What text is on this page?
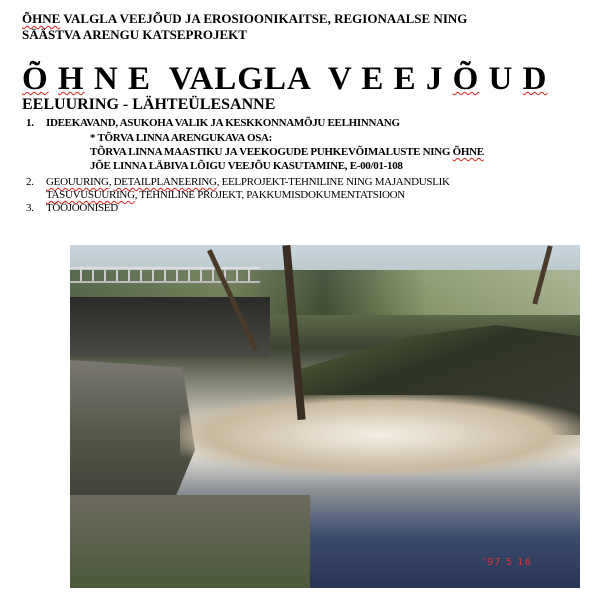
ÕHNE VALGLA VEEJÕUD JA EROSIOONIKAITSE, REGIONAALSE NING
SÄÄSTVA ARENGU KATSEPROJEKT
Õ H N E  VALGLA  V E E J Õ U D
EELUURING - LÄHTEÜLESANNE
1. IDEEKAVAND, ASUKOHA VALIK JA KESKKONNAMÕJU EELHINNANG
* TÕRVA LINNA ARENGUKAVA OSA:
TÕRVA LINNA MAASTIKU JA VEEKOGUDE PUHKEVÕIMALUSTE NING ÕHNE
JÕE LINNA LÄBIVA LÕIGU VEEJÕU KASUTAMINE, E-00/01-108
2. GEOUURING, DETAILPLANEERING, EELPROJEKT-TEHNILINE NING MAJANDUSLIK
TASUVUSUURING, TEHNILINE PROJEKT, PAKKUMISDOKUMENTATSIOON
3. TÖÖJOONISED
'97 5 16
